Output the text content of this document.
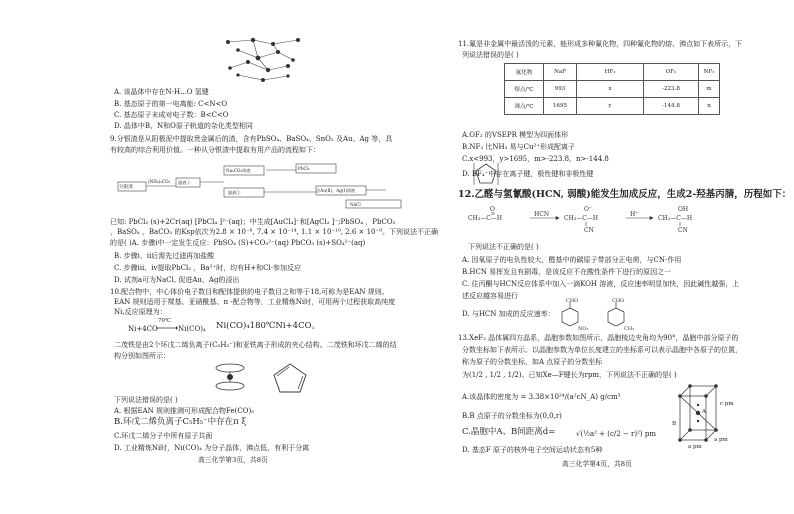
A. 该晶体中存在N-H...O 氢键
B. 基态原子的第一电离能: C<N<O
C. 基态原子未成对电子数：B<C<O
D. 晶体中B、N和O原子轨道的杂化类型相同
9.分银渣是从阳极泥中提取贵金属后的渣，含有PbSO₄、BaSO₄、SnO₂ 及Au、Ag 等，具
有较高的综合利用价值。一种从分银渣中提取有用产品的流程如下：
分银渣
(NH₄)₂CO₃ 滤液①
Na₂CO₃溶液
滤液②	含Au(Ⅱ)、Ag(Ⅰ)溶液
PbCl₂
NaCl
已知: PbCl₂ (s)+2Cr(aq) [PbCl₄ ]²⁻(aq)；中生成[AuCl₄]⁻和[AgCl₂ ]⁻;PbSO₄ ，PbCO₃
，BaSO₄ ，BaCO₃ 的Ksp依次为2.8 × 10⁻⁸, 7.4 × 10⁻¹⁴, 1.1 × 10⁻¹⁰, 2.6 × 10⁻⁹。下列说法不正确
的是( )A. 步骤i中一定发生反应：PbSO₄ (S)+CO₃²⁻(aq) PbCO₃ (s)+SO₄²⁻(aq)
B. 步骤i、ii后需先过滤再加盐酸
C. 步骤iii、iv提取PbCl₂ ，Ba²⁺时，均有H+和Cl-参加反应
D. 试剂a可为NaCl, 促进Au、Ag的浸出
10.配合物中，中心体价电子数目和配体提供的电子数目之和等于18,可称为是EAN 规则。
EAN 规则适用于羰基、亚硝酰基、π -配合物等，工业精炼Ni时，可用两个过程获取高纯度
Ni,反应原理为：
Ni+4CO
70℃
→ Ni(CO)₄ Ni(CO)₄180℃Ni+4CO。
二茂铁是由2个环戊二烯负离子(C₅H₅⁻)和亚铁离子形成的夹心结构。二茂铁和环戊二烯的结
构分别如图所示：
下列说法错误的是( )
A. 根据EAN 规则推测可形成配合物Fe(CO)₅
B.环戊二烯负离子C₅H₅⁻中存在π ξ
C.环戊二烯分子中所有原子共面
D. 工业精炼Ni时，Ni(CO)₄ 为分子晶体，沸点低，有利于分离
高三化学第3页，共8页
11.氟是非金属中最活泼的元素，能形成多种氟化物，四种氟化物的熔、沸点如下表所示，下
列说法错误的是( )
氟化物	NaF	HF₂	OF₂	NF₃
熔点/℃	993	x	-223.8	m
沸点/℃	1695	y	-144.8	n
A.OF₂ 的VSEPR 模型为四面体形
B.NF₃ 比NH₃ 易与Cu²⁺形成配离子
C.x<993，y>1695，m>-223.8，n>-144.8
D. BF₄⁻中存在离子键，极性键和非极性键
12.乙醛与氢氰酸(HCN, 弱酸)能发生加成反应，生成2-羟基丙腈，历程如下：
CH₃—C—H
O
HCN
CH₃—C—H
O⁻
CN
H⁺
CH₃—C—H
OH
CN
下列说法不正确的是( )
A. 因氧原子的电负性较大，醛基中的碳原子带部分正电荷，与CN-作用
B.HCN 易挥发且有剧毒，是该反应不在酸性条件下进行的原因之一
C. 往丙酮与HCN反应体系中加入一滴KOH 溶液，反应速率明显加快，因此碱性越强，上
述反应越容易进行
CHO	CHO
NO₂	CH₃
D. 与HCN 加成的反应速率：
13.XeF₂ 晶体属四方晶系，晶胞参数如图所示，晶胞棱边夹角均为90°，晶胞中部分原子的
分数坐标如下表所示。以晶胞参数为单位长度建立的坐标系可以表示晶胞中各原子的位置，
称为原子的分数坐标，如A 点原子的分数坐标
为(1/2 , 1/2 , 1/2)。已知Xe—F键长为rpm，下列说法不正确的是( )
c pm
a pm
a pm
A
B
A.该晶体的密度为 = 3.38×10²⁴/(a²cN_A) g/cm³
B.B 点原子的分数坐标为(0,0,r)
C.晶胞中A、B间距离d=	√(½a² + (c/2 − r)²) pm
D. 基态F 原子的核外电子空间运动状态有5种
高三化学第4页，共8页
